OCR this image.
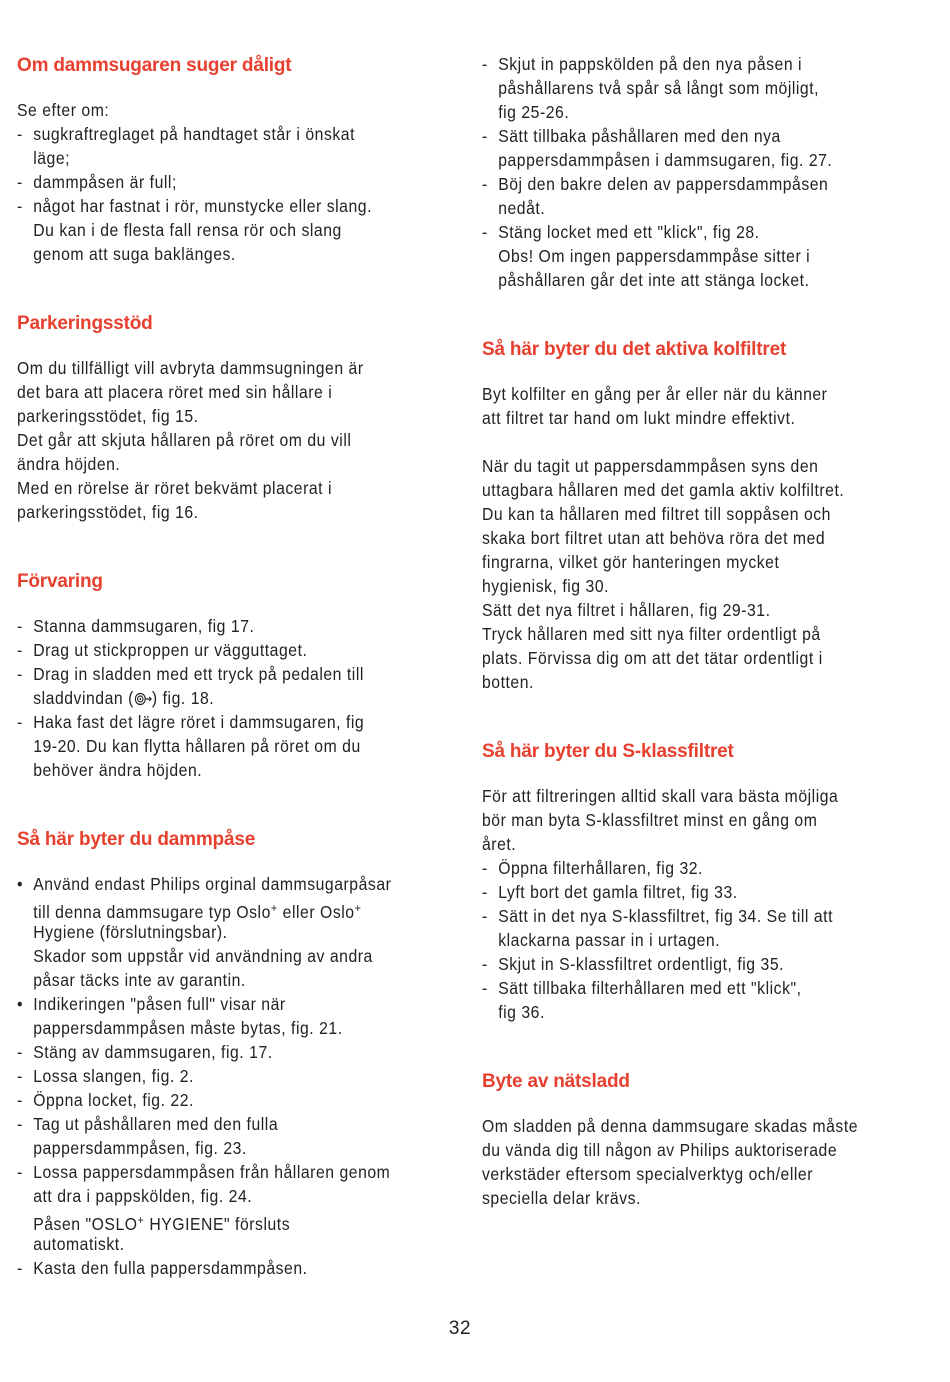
Om dammsugaren suger dåligt
Se efter om:
- sugkraftreglaget på handtaget står i önskat
läge;
- dammpåsen är full;
- något har fastnat i rör, munstycke eller slang.
Du kan i de flesta fall rensa rör och slang
genom att suga baklänges.
Parkeringsstöd
Om du tillfälligt vill avbryta dammsugningen är
det bara att placera röret med sin hållare i
parkeringsstödet, fig 15.
Det går att skjuta hållaren på röret om du vill
ändra höjden.
Med en rörelse är röret bekvämt placerat i
parkeringsstödet, fig 16.
Förvaring
- Stanna dammsugaren, fig 17.
- Drag ut stickproppen ur vägguttaget.
- Drag in sladden med ett tryck på pedalen till
sladdvindan ( ) fig. 18.
- Haka fast det lägre röret i dammsugaren, fig
19-20. Du kan flytta hållaren på röret om du
behöver ändra höjden.
Så här byter du dammpåse
• Använd endast Philips orginal dammsugarpåsar
till denna dammsugare typ Oslo+ eller Oslo+
Hygiene (förslutningsbar).
Skador som uppstår vid användning av andra
påsar täcks inte av garantin.
• Indikeringen "påsen full" visar när
pappersdammpåsen måste bytas, fig. 21.
- Stäng av dammsugaren, fig. 17.
- Lossa slangen, fig. 2.
- Öppna locket, fig. 22.
- Tag ut påshållaren med den fulla
pappersdammpåsen, fig. 23.
- Lossa pappersdammpåsen från hållaren genom
att dra i pappskölden, fig. 24.
Påsen "OSLO+ HYGIENE" försluts
automatiskt.
- Kasta den fulla pappersdammpåsen.
- Skjut in pappskölden på den nya påsen i
påshållarens två spår så långt som möjligt,
fig 25-26.
- Sätt tillbaka påshållaren med den nya
pappersdammpåsen i dammsugaren, fig. 27.
- Böj den bakre delen av pappersdammpåsen
nedåt.
- Stäng locket med ett "klick", fig 28.
Obs! Om ingen pappersdammpåse sitter i
påshållaren går det inte att stänga locket.
Så här byter du det aktiva kolfiltret
Byt kolfilter en gång per år eller när du känner
att filtret tar hand om lukt mindre effektivt.
När du tagit ut pappersdammpåsen syns den
uttagbara hållaren med det gamla aktiv kolfiltret.
Du kan ta hållaren med filtret till soppåsen och
skaka bort filtret utan att behöva röra det med
fingrarna, vilket gör hanteringen mycket
hygienisk, fig 30.
Sätt det nya filtret i hållaren, fig 29-31.
Tryck hållaren med sitt nya filter ordentligt på
plats. Förvissa dig om att det tätar ordentligt i
botten.
Så här byter du S-klassfiltret
För att filtreringen alltid skall vara bästa möjliga
bör man byta S-klassfiltret minst en gång om
året.
- Öppna filterhållaren, fig 32.
- Lyft bort det gamla filtret, fig 33.
- Sätt in det nya S-klassfiltret, fig 34. Se till att
klackarna passar in i urtagen.
- Skjut in S-klassfiltret ordentligt, fig 35.
- Sätt tillbaka filterhållaren med ett "klick",
fig 36.
Byte av nätsladd
Om sladden på denna dammsugare skadas måste
du vända dig till någon av Philips auktoriserade
verkstäder eftersom specialverktyg och/eller
speciella delar krävs.
32
